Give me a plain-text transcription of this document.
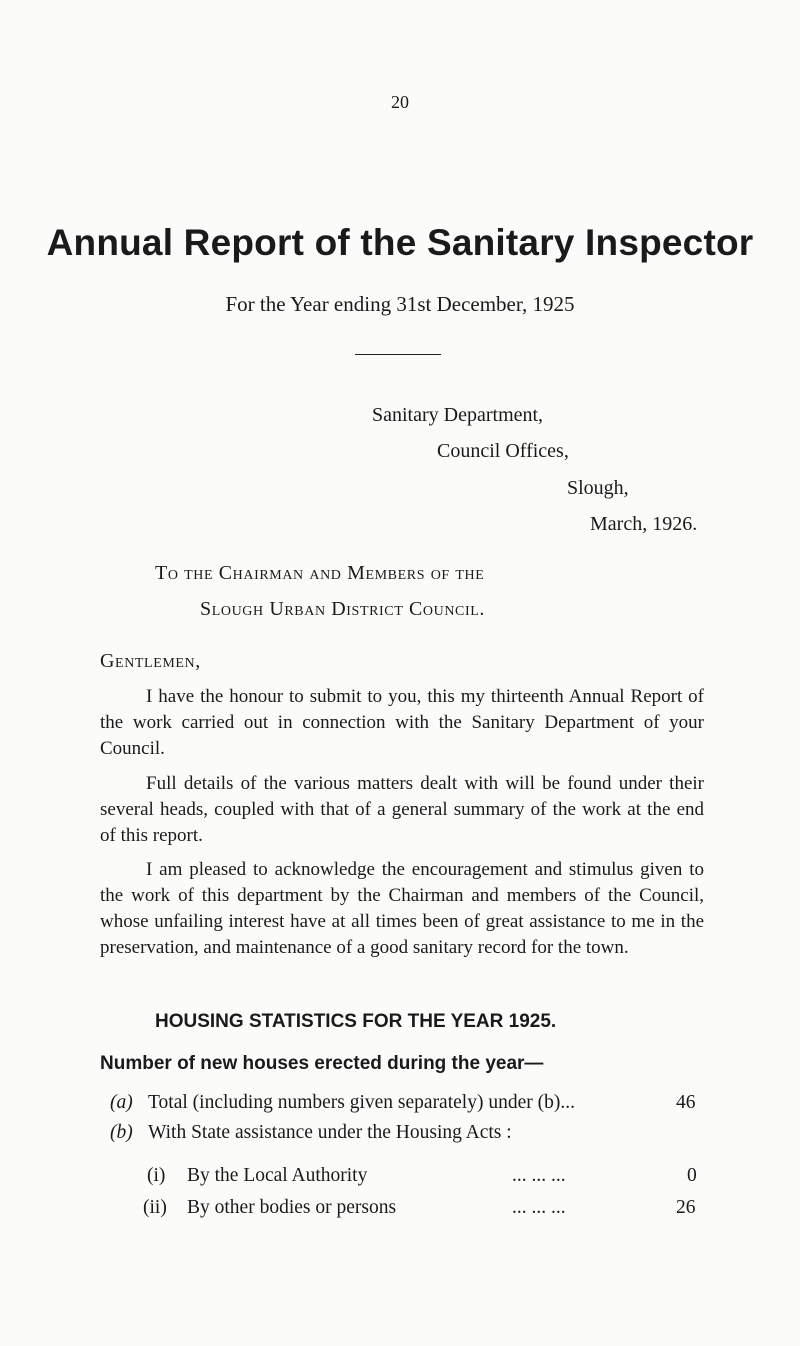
20
Annual Report of the Sanitary Inspector
For the Year ending 31st December, 1925
Sanitary Department,
Council Offices,
Slough,
March, 1926.
To the Chairman and Members of the
Slough Urban District Council.
Gentlemen,
I have the honour to submit to you, this my thirteenth Annual Report of the work carried out in connection with the Sanitary Department of your Council.
Full details of the various matters dealt with will be found under their several heads, coupled with that of a general summary of the work at the end of this report.
I am pleased to acknowledge the encouragement and stimulus given to the work of this department by the Chairman and members of the Council, whose unfailing interest have at all times been of great assistance to me in the preservation, and maintenance of a good sanitary record for the town.
HOUSING STATISTICS FOR THE YEAR 1925.
Number of new houses erected during the year—
(a) Total (including numbers given separately) under (b)...	46
(b) With State assistance under the Housing Acts :
(i) By the Local Authority	... ... ...	0
(ii) By other bodies or persons	... ... ...	26
